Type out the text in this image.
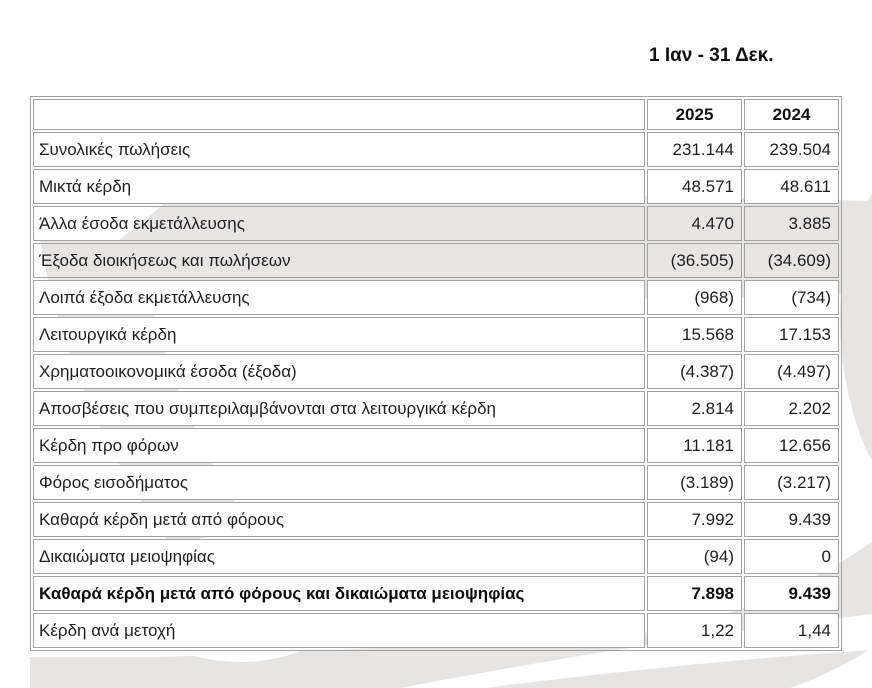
1 Ιαν - 31 Δεκ.
	2025	2024
Συνολικές πωλήσεις	231.144	239.504
Μικτά κέρδη	48.571	48.611
Άλλα έσοδα εκμετάλλευσης	4.470	3.885
Έξοδα διοικήσεως και πωλήσεων	(36.505)	(34.609)
Λοιπά έξοδα εκμετάλλευσης	(968)	(734)
Λειτουργικά κέρδη	15.568	17.153
Χρηματοοικονομικά έσοδα (έξοδα)	(4.387)	(4.497)
Αποσβέσεις που συμπεριλαμβάνονται στα λειτουργικά κέρδη	2.814	2.202
Κέρδη προ φόρων	11.181	12.656
Φόρος εισοδήματος	(3.189)	(3.217)
Καθαρά κέρδη μετά από φόρους	7.992	9.439
Δικαιώματα μειοψηφίας	(94)	0
Καθαρά κέρδη μετά από φόρους και δικαιώματα μειοψηφίας	7.898	9.439
Κέρδη ανά μετοχή	1,22	1,44
